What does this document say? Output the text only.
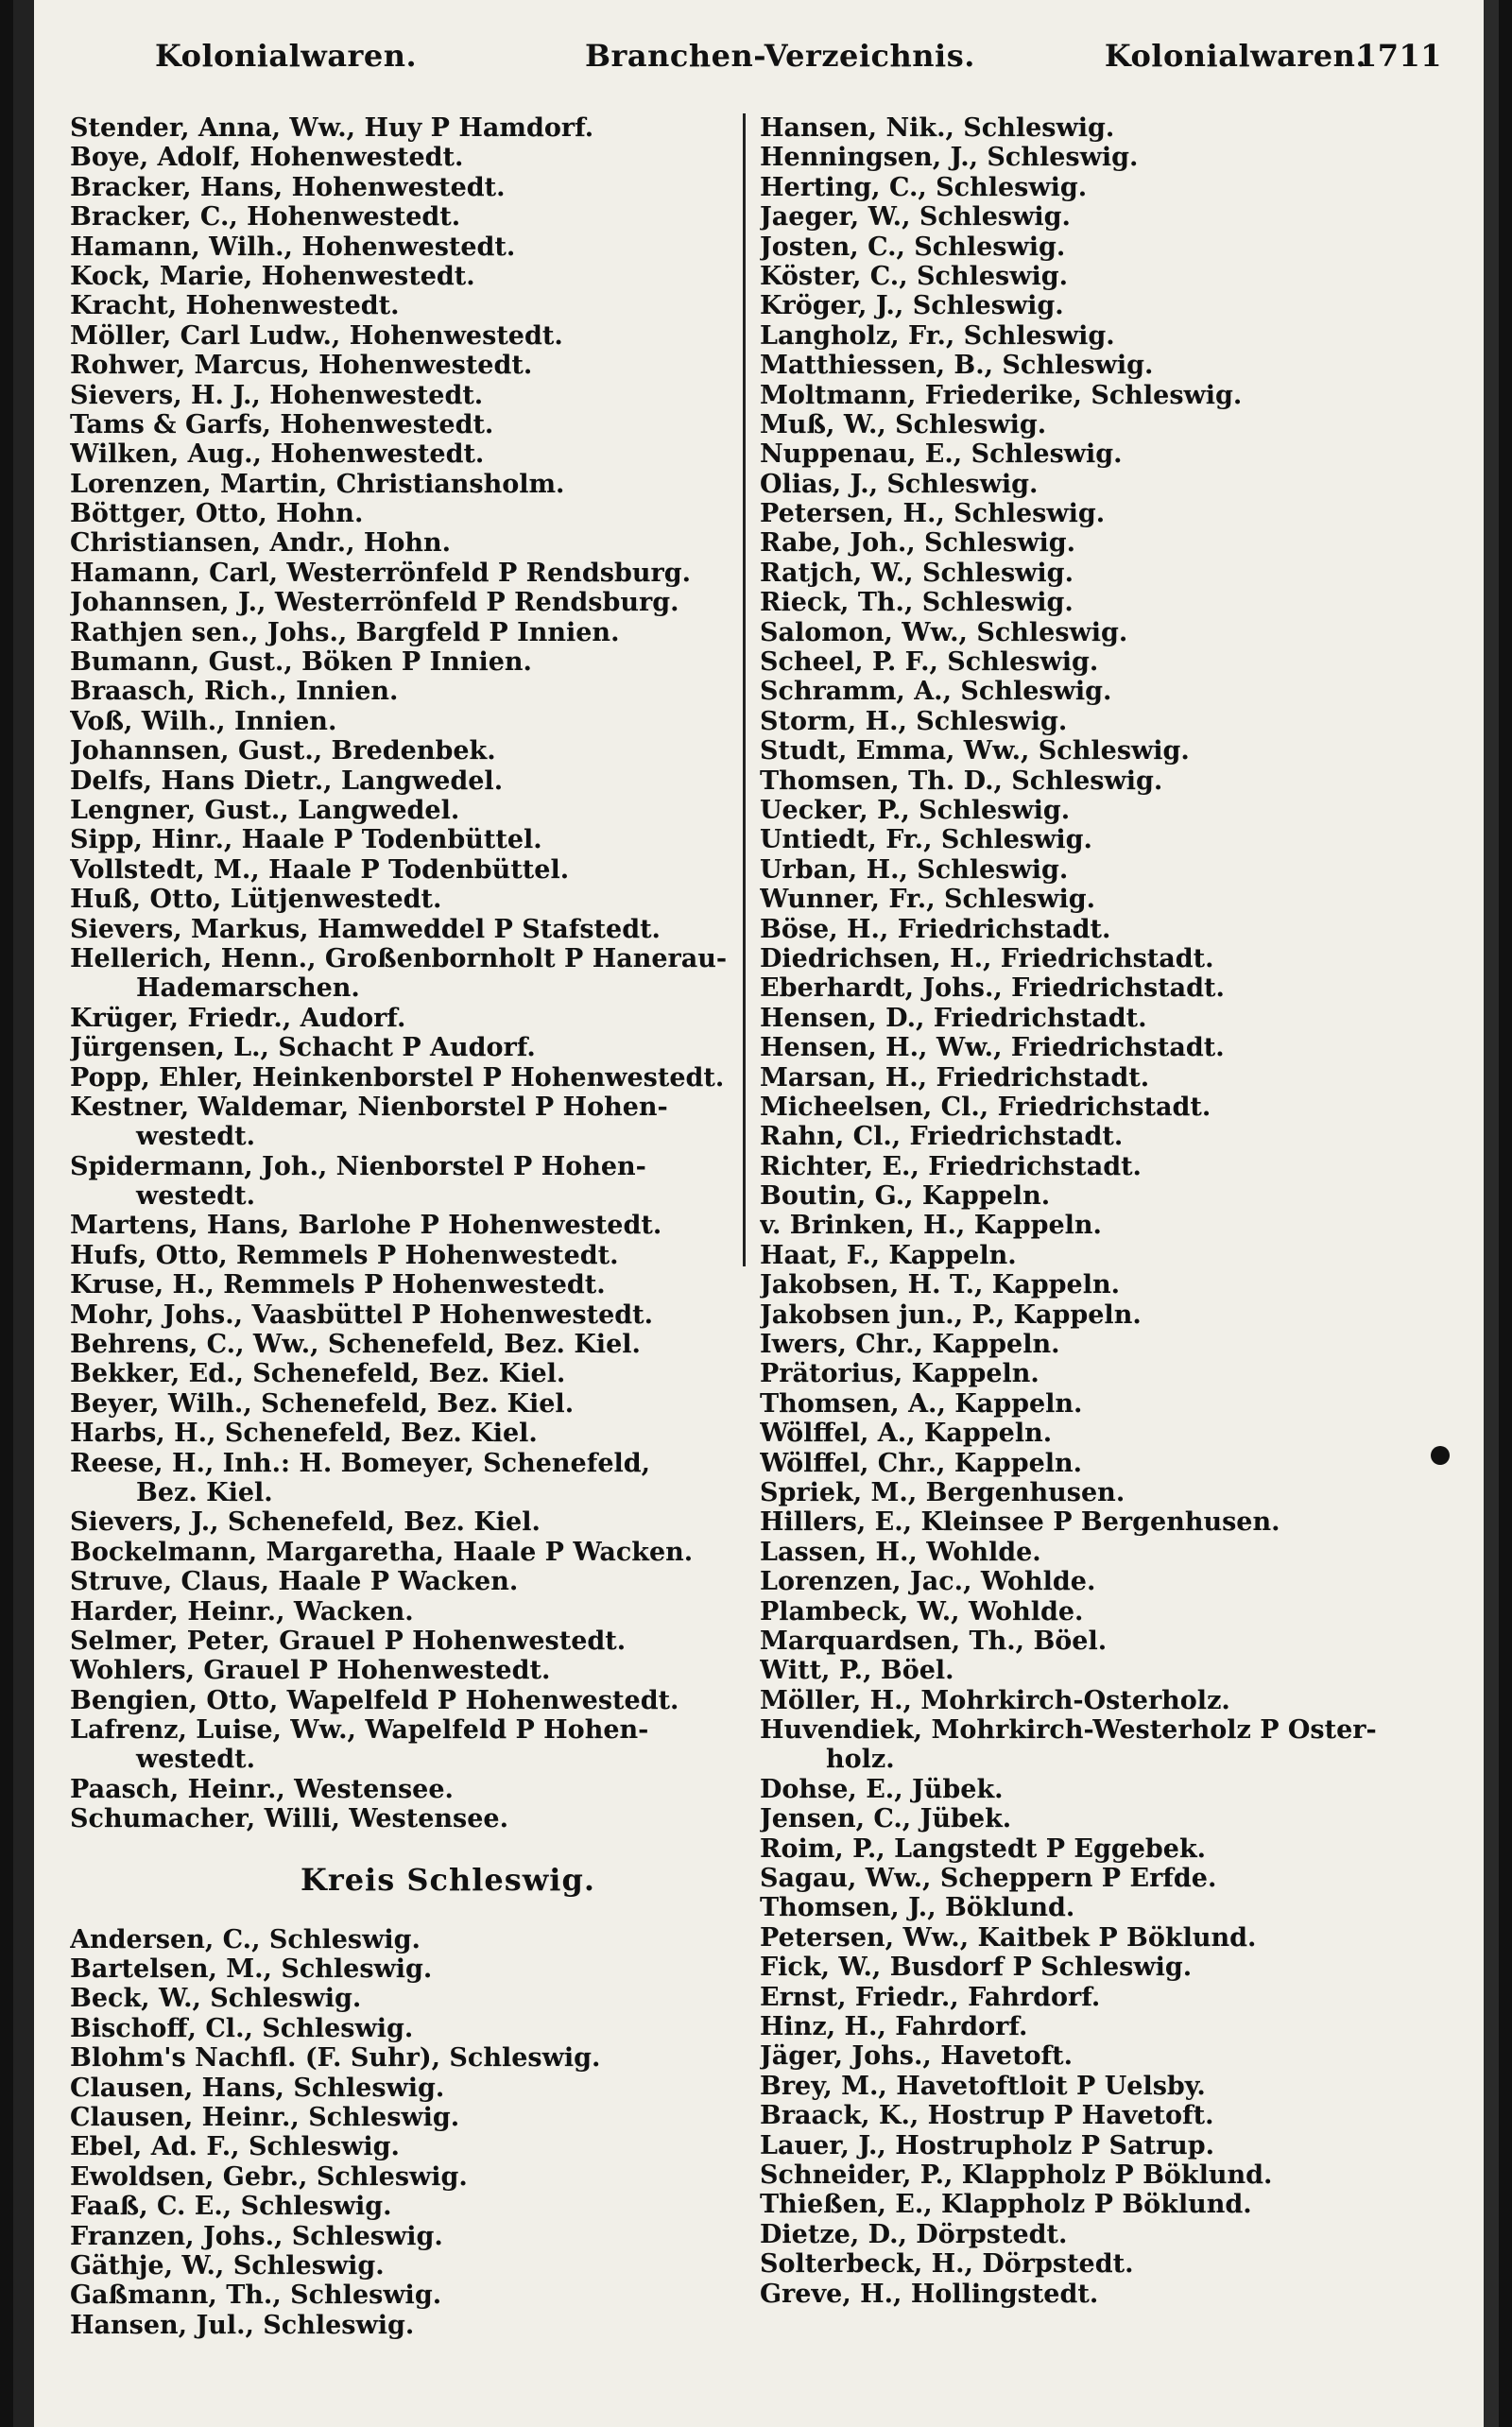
Kolonialwaren.	Branchen-Verzeichnis.	Kolonialwaren.
1711
Stender, Anna, Ww., Huy P Hamdorf.
Boye, Adolf, Hohenwestedt.
Bracker, Hans, Hohenwestedt.
Bracker, C., Hohenwestedt.
Hamann, Wilh., Hohenwestedt.
Kock, Marie, Hohenwestedt.
Kracht, Hohenwestedt.
Möller, Carl Ludw., Hohenwestedt.
Rohwer, Marcus, Hohenwestedt.
Sievers, H. J., Hohenwestedt.
Tams & Garfs, Hohenwestedt.
Wilken, Aug., Hohenwestedt.
Lorenzen, Martin, Christiansholm.
Böttger, Otto, Hohn.
Christiansen, Andr., Hohn.
Hamann, Carl, Westerrönfeld P Rendsburg.
Johannsen, J., Westerrönfeld P Rendsburg.
Rathjen sen., Johs., Bargfeld P Innien.
Bumann, Gust., Böken P Innien.
Braasch, Rich., Innien.
Voß, Wilh., Innien.
Johannsen, Gust., Bredenbek.
Delfs, Hans Dietr., Langwedel.
Lengner, Gust., Langwedel.
Sipp, Hinr., Haale P Todenbüttel.
Vollstedt, M., Haale P Todenbüttel.
Huß, Otto, Lütjenwestedt.
Sievers, Markus, Hamweddel P Stafstedt.
Hellerich, Henn., Großenbornholt P Hanerau-
Hademarschen.
Krüger, Friedr., Audorf.
Jürgensen, L., Schacht P Audorf.
Popp, Ehler, Heinkenborstel P Hohenwestedt.
Kestner, Waldemar, Nienborstel P Hohen-
westedt.
Spidermann, Joh., Nienborstel P Hohen-
westedt.
Martens, Hans, Barlohe P Hohenwestedt.
Hufs, Otto, Remmels P Hohenwestedt.
Kruse, H., Remmels P Hohenwestedt.
Mohr, Johs., Vaasbüttel P Hohenwestedt.
Behrens, C., Ww., Schenefeld, Bez. Kiel.
Bekker, Ed., Schenefeld, Bez. Kiel.
Beyer, Wilh., Schenefeld, Bez. Kiel.
Harbs, H., Schenefeld, Bez. Kiel.
Reese, H., Inh.: H. Bomeyer, Schenefeld,
Bez. Kiel.
Sievers, J., Schenefeld, Bez. Kiel.
Bockelmann, Margaretha, Haale P Wacken.
Struve, Claus, Haale P Wacken.
Harder, Heinr., Wacken.
Selmer, Peter, Grauel P Hohenwestedt.
Wohlers, Grauel P Hohenwestedt.
Bengien, Otto, Wapelfeld P Hohenwestedt.
Lafrenz, Luise, Ww., Wapelfeld P Hohen-
westedt.
Paasch, Heinr., Westensee.
Schumacher, Willi, Westensee.
Kreis Schleswig.
Andersen, C., Schleswig.
Bartelsen, M., Schleswig.
Beck, W., Schleswig.
Bischoff, Cl., Schleswig.
Blohm's Nachfl. (F. Suhr), Schleswig.
Clausen, Hans, Schleswig.
Clausen, Heinr., Schleswig.
Ebel, Ad. F., Schleswig.
Ewoldsen, Gebr., Schleswig.
Faaß, C. E., Schleswig.
Franzen, Johs., Schleswig.
Gäthje, W., Schleswig.
Gaßmann, Th., Schleswig.
Hansen, Jul., Schleswig.
Hansen, Nik., Schleswig.
Henningsen, J., Schleswig.
Herting, C., Schleswig.
Jaeger, W., Schleswig.
Josten, C., Schleswig.
Köster, C., Schleswig.
Kröger, J., Schleswig.
Langholz, Fr., Schleswig.
Matthiessen, B., Schleswig.
Moltmann, Friederike, Schleswig.
Muß, W., Schleswig.
Nuppenau, E., Schleswig.
Olias, J., Schleswig.
Petersen, H., Schleswig.
Rabe, Joh., Schleswig.
Ratjch, W., Schleswig.
Rieck, Th., Schleswig.
Salomon, Ww., Schleswig.
Scheel, P. F., Schleswig.
Schramm, A., Schleswig.
Storm, H., Schleswig.
Studt, Emma, Ww., Schleswig.
Thomsen, Th. D., Schleswig.
Uecker, P., Schleswig.
Untiedt, Fr., Schleswig.
Urban, H., Schleswig.
Wunner, Fr., Schleswig.
Böse, H., Friedrichstadt.
Diedrichsen, H., Friedrichstadt.
Eberhardt, Johs., Friedrichstadt.
Hensen, D., Friedrichstadt.
Hensen, H., Ww., Friedrichstadt.
Marsan, H., Friedrichstadt.
Micheelsen, Cl., Friedrichstadt.
Rahn, Cl., Friedrichstadt.
Richter, E., Friedrichstadt.
Boutin, G., Kappeln.
v. Brinken, H., Kappeln.
Haat, F., Kappeln.
Jakobsen, H. T., Kappeln.
Jakobsen jun., P., Kappeln.
Iwers, Chr., Kappeln.
Prätorius, Kappeln.
Thomsen, A., Kappeln.
Wölffel, A., Kappeln.
Wölffel, Chr., Kappeln.
Spriek, M., Bergenhusen.
Hillers, E., Kleinsee P Bergenhusen.
Lassen, H., Wohlde.
Lorenzen, Jac., Wohlde.
Plambeck, W., Wohlde.
Marquardsen, Th., Böel.
Witt, P., Böel.
Möller, H., Mohrkirch-Osterholz.
Huvendiek, Mohrkirch-Westerholz P Oster-
holz.
Dohse, E., Jübek.
Jensen, C., Jübek.
Roim, P., Langstedt P Eggebek.
Sagau, Ww., Scheppern P Erfde.
Thomsen, J., Böklund.
Petersen, Ww., Kaitbek P Böklund.
Fick, W., Busdorf P Schleswig.
Ernst, Friedr., Fahrdorf.
Hinz, H., Fahrdorf.
Jäger, Johs., Havetoft.
Brey, M., Havetoftloit P Uelsby.
Braack, K., Hostrup P Havetoft.
Lauer, J., Hostrupholz P Satrup.
Schneider, P., Klappholz P Böklund.
Thießen, E., Klappholz P Böklund.
Dietze, D., Dörpstedt.
Solterbeck, H., Dörpstedt.
Greve, H., Hollingstedt.
